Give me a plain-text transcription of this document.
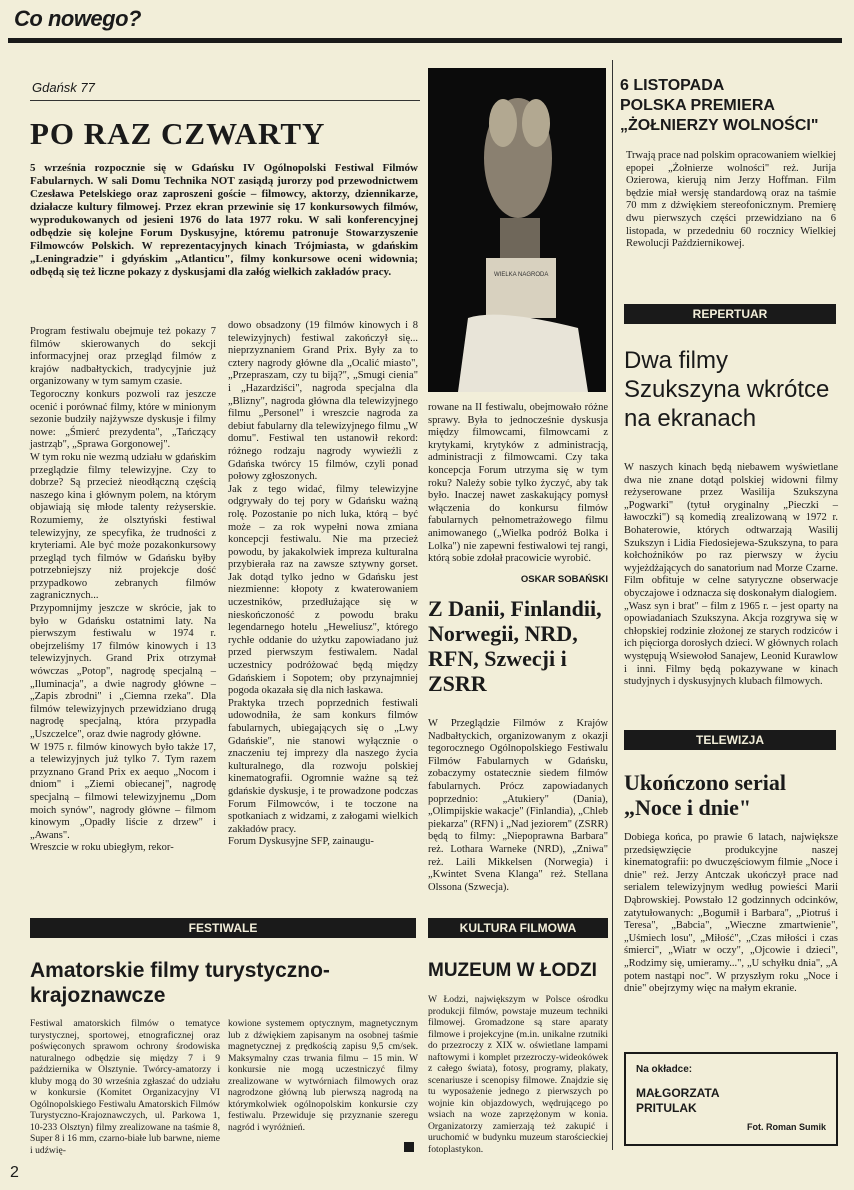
Co nowego?
Gdańsk 77
PO RAZ CZWARTY
5 września rozpocznie się w Gdańsku IV Ogólnopolski Festiwal Filmów Fabularnych. W sali Domu Technika NOT zasiądą jurorzy pod przewodnictwem Czesława Petelskiego oraz zaproszeni goście – filmowcy, aktorzy, dziennikarze, działacze kultury filmowej. Przez ekran przewinie się 17 konkursowych filmów, wyprodukowanych od jesieni 1976 do lata 1977 roku. W sali konferencyjnej odbędzie się kolejne Forum Dyskusyjne, któremu patronuje Stowarzyszenie Filmowców Polskich. W reprezentacyjnych kinach Trójmiasta, w gdańskim „Leningradzie" i gdyńskim „Atlanticu", filmy konkursowe oceni widownia; odbędą się też liczne pokazy z dyskusjami dla załóg wielkich zakładów pracy.
Program festiwalu obejmuje też pokazy 7 filmów skierowanych do sekcji informacyjnej oraz przegląd filmów z krajów nadbałtyckich, tradycyjnie już organizowany w tym samym czasie.
Tegoroczny konkurs pozwoli raz jeszcze ocenić i porównać filmy, które w minionym sezonie budziły najżywsze dyskusje i filmy nowe: „Śmierć prezydenta", „Tańczący jastrząb", „Sprawa Gorgonowej".
W tym roku nie wezmą udziału w gdańskim przeglądzie filmy telewizyjne. Czy to dobrze? Są przecież nieodłączną częścią naszego kina i głównym polem, na którym objawiają się młode talenty reżyserskie. Rozumiemy, że olsztyński festiwal telewizyjny, ze specyfika, że trudności z kryteriami. Ale być może pozakonkursowy przegląd tych filmów w Gdańsku byłby potrzebniejszy niż projekcje dość przypadkowo zebranych filmów zagranicznych...
Przypomnijmy jeszcze w skrócie, jak to było w Gdańsku ostatnimi laty. Na pierwszym festiwalu w 1974 r. obejrzeliśmy 17 filmów kinowych i 13 telewizyjnych. Grand Prix otrzymał wówczas „Potop", nagrodę specjalną – „Iluminacja", a dwie nagrody główne – „Zapis zbrodni" i „Ciemna rzeka". Dla filmów telewizyjnych przewidziano drugą nagrodę specjalną, która przypadła „Uszczelce", oraz dwie nagrody główne.
W 1975 r. filmów kinowych było także 17, a telewizyjnych już tylko 7. Tym razem przyznano Grand Prix ex aequo „Nocom i dniom" i „Ziemi obiecanej", nagrodę specjalną – filmowi telewizyjnemu „Dom moich synów", nagrody główne – filmom kinowym „Opadły liście z drzew" i „Awans".
Wreszcie w roku ubiegłym, rekor-
dowo obsadzony (19 filmów kinowych i 8 telewizyjnych) festiwal zakończył się... nieprzyznaniem Grand Prix. Były za to cztery nagrody główne dla „Ocalić miasto", „Przepraszam, czy tu biją?", „Smugi cienia" i „Hazardziści", nagroda specjalna dla „Blizny", nagroda główna dla telewizyjnego filmu „Personel" i wreszcie nagroda za debiut fabularny dla telewizyjnego filmu „W domu". Festiwal ten ustanowił rekord: różnego rodzaju nagrody wywieźli z Gdańska twórcy 15 filmów, czyli ponad połowy zgłoszonych.
Jak z tego widać, filmy telewizyjne odgrywały do tej pory w Gdańsku ważną rolę. Pozostanie po nich luka, którą – być może – za rok wypełni nowa zmiana koncepcji festiwalu. Nie ma przecież powodu, by jakakolwiek impreza kulturalna przybierała raz na zawsze sztywny gorset. Jak dotąd tylko jedno w Gdańsku jest niezmienne: kłopoty z kwaterowaniem uczestników, przedłużające się w nieskończoność z powodu braku legendarnego hotelu „Heweliusz", którego rychłe oddanie do użytku zapowiadano już przed pierwszym festiwalem. Nadal uczestnicy podróżować będą między Gdańskiem i Sopotem; oby przynajmniej pogoda okazała się dla nich łaskawa.
Praktyka trzech poprzednich festiwali udowodniła, że sam konkurs filmów fabularnych, ubiegających się o „Lwy Gdańskie", nie stanowi wyłącznie o znaczeniu tej imprezy dla naszego życia kulturalnego, dla rozwoju polskiej kinematografii. Ogromnie ważne są też gdańskie dyskusje, i te prowadzone podczas Forum Filmowców, i te toczone na spotkaniach z widzami, z załogami wielkich zakładów pracy.
Forum Dyskusyjne SFP, zainaugu-
WIELKA NAGRODA
rowane na II festiwalu, obejmowało różne sprawy. Była to jednocześnie dyskusja między filmowcami, filmowcami z krytykami, krytyków z administracją, administracji z filmowcami. Czy taka koncepcja Forum utrzyma się w tym roku? Należy sobie tylko życzyć, aby tak było. Inaczej nawet zaskakujący pomysł włączenia do konkursu filmów fabularnych pełnometrażowego filmu animowanego („Wielka podróż Bolka i Lolka") nie zapewni festiwalowi tej rangi, którą sobie zdołał pracowicie wyrobić.
OSKAR SOBAŃSKI
Z Danii, Finlandii, Norwegii, NRD, RFN, Szwecji i ZSRR
W Przeglądzie Filmów z Krajów Nadbałtyckich, organizowanym z okazji tegorocznego Ogólnopolskiego Festiwalu Filmów Fabularnych w Gdańsku, zobaczymy ostatecznie siedem filmów fabularnych. Prócz zapowiadanych poprzednio: „Atukiery" (Dania), „Olimpijskie wakacje" (Finlandia), „Chleb piekarza" (RFN) i „Nad jeziorem" (ZSRR) będą to filmy: „Niepoprawna Barbara" reż. Lothara Warneke (NRD), „Zniwa" reż. Laili Mikkelsen (Norwegia) i „Kwintet Svena Klanga" reż. Stellana Olssona (Szwecja).
6 LISTOPADA
POLSKA PREMIERA
„ŻOŁNIERZY WOLNOŚCI"
Trwają prace nad polskim opracowaniem wielkiej epopei „Żołnierze wolności" reż. Jurija Ozierowa, kierują nim Jerzy Hoffman. Film będzie miał wersję standardową oraz na taśmie 70 mm z dźwiękiem stereofonicznym. Premierę dwu pierwszych części przewidziano na 6 listopada, w przededniu 60 rocznicy Wielkiej Rewolucji Październikowej.
REPERTUAR
Dwa filmy Szukszyna wkrótce na ekranach
W naszych kinach będą niebawem wyświetlane dwa nie znane dotąd polskiej widowni filmy reżyserowane przez Wasilija Szukszyna „Pogwarki" (tytuł oryginalny „Pieczki – ławoczki") są komedią zrealizowaną w 1972 r. Bohaterowie, których odtwarzają Wasilij Szukszyn i Lidia Fiedosiejewa-Szukszyna, to para kołchoźników po raz pierwszy w życiu wyjeżdżających do sanatorium nad Morze Czarne. Film obfituje w celne satyryczne obserwacje obyczajowe i odznacza się doskonałym dialogiem.
„Wasz syn i brat" – film z 1965 r. – jest oparty na opowiadaniach Szukszyna. Akcja rozgrywa się w chłopskiej rodzinie złożonej ze starych rodziców i ich pięciorga dorosłych dzieci. W głównych rolach występują Wsiewołod Sanajew, Leonid Kurawlow i inni. Filmy będą pokazywane w kinach studyjnych i dyskusyjnych klubach filmowych.
TELEWIZJA
Ukończono serial „Noce i dnie"
Dobiega końca, po prawie 6 latach, największe przedsięwzięcie produkcyjne naszej kinematografii: po dwuczęściowym filmie „Noce i dnie" reż. Jerzy Antczak ukończył prace nad serialem telewizyjnym według powieści Marii Dąbrowskiej. Powstało 12 godzinnych odcinków, zatytułowanych: „Bogumił i Barbara", „Piotruś i Teresa", „Babcia", „Wieczne zmartwienie", „Uśmiech losu", „Miłość", „Czas miłości i czas śmierci", „Wiatr w oczy", „Ojcowie i dzieci", „Rodzimy się, umieramy...", „U schyłku dnia", „A potem nastąpi noc". W przyszłym roku „Noce i dnie" obejrzymy więc na małym ekranie.
FESTIWALE
Amatorskie filmy turystyczno-krajoznawcze
Festiwal amatorskich filmów o tematyce turystycznej, sportowej, etnograficznej oraz poświęconych sprawom ochrony środowiska naturalnego odbędzie się między 7 i 9 października w Olsztynie. Twórcy-amatorzy i kluby mogą do 30 września zgłaszać do udziału w konkursie (Komitet Organizacyjny VI Ogólnopolskiego Festiwalu Amatorskich Filmów Turystyczno-Krajoznawczych, ul. Parkowa 1, 10-233 Olsztyn) filmy zrealizowane na taśmie 8, Super 8 i 16 mm, czarno-białe lub barwne, nieme i udźwię-
kowione systemem optycznym, magnetycznym lub z dźwiękiem zapisanym na osobnej taśmie magnetycznej z prędkością zapisu 9,5 cm/sek. Maksymalny czas trwania filmu – 15 min. W konkursie nie mogą uczestniczyć filmy zrealizowane w wytwórniach filmowych oraz nagrodzone główną lub pierwszą nagrodą na którymkolwiek ogólnopolskim konkursie czy festiwalu. Przewiduje się przyznanie szeregu nagród i wyróżnień.
KULTURA FILMOWA
MUZEUM W ŁODZI
W Łodzi, największym w Polsce ośrodku produkcji filmów, powstaje muzeum techniki filmowej. Gromadzone są stare aparaty filmowe i projekcyjne (m.in. unikalne rzutniki do przezroczy z XIX w. oświetlane lampami naftowymi i komplet przezroczy-wideokówek z całego świata), fotosy, programy, plakaty, scenariusze i scenopisy filmowe. Znajdzie się tu wyposażenie jednego z pierwszych po wojnie kin objazdowych, wędrującego po wsiach na woze zaprzężonym w konia. Organizatorzy zamierzają też zakupić i uruchomić w budynku muzeum starościeckiej fotoplastykon.
Na okładce:
MAŁGORZATA
PRITULAK
Fot. Roman Sumik
2
